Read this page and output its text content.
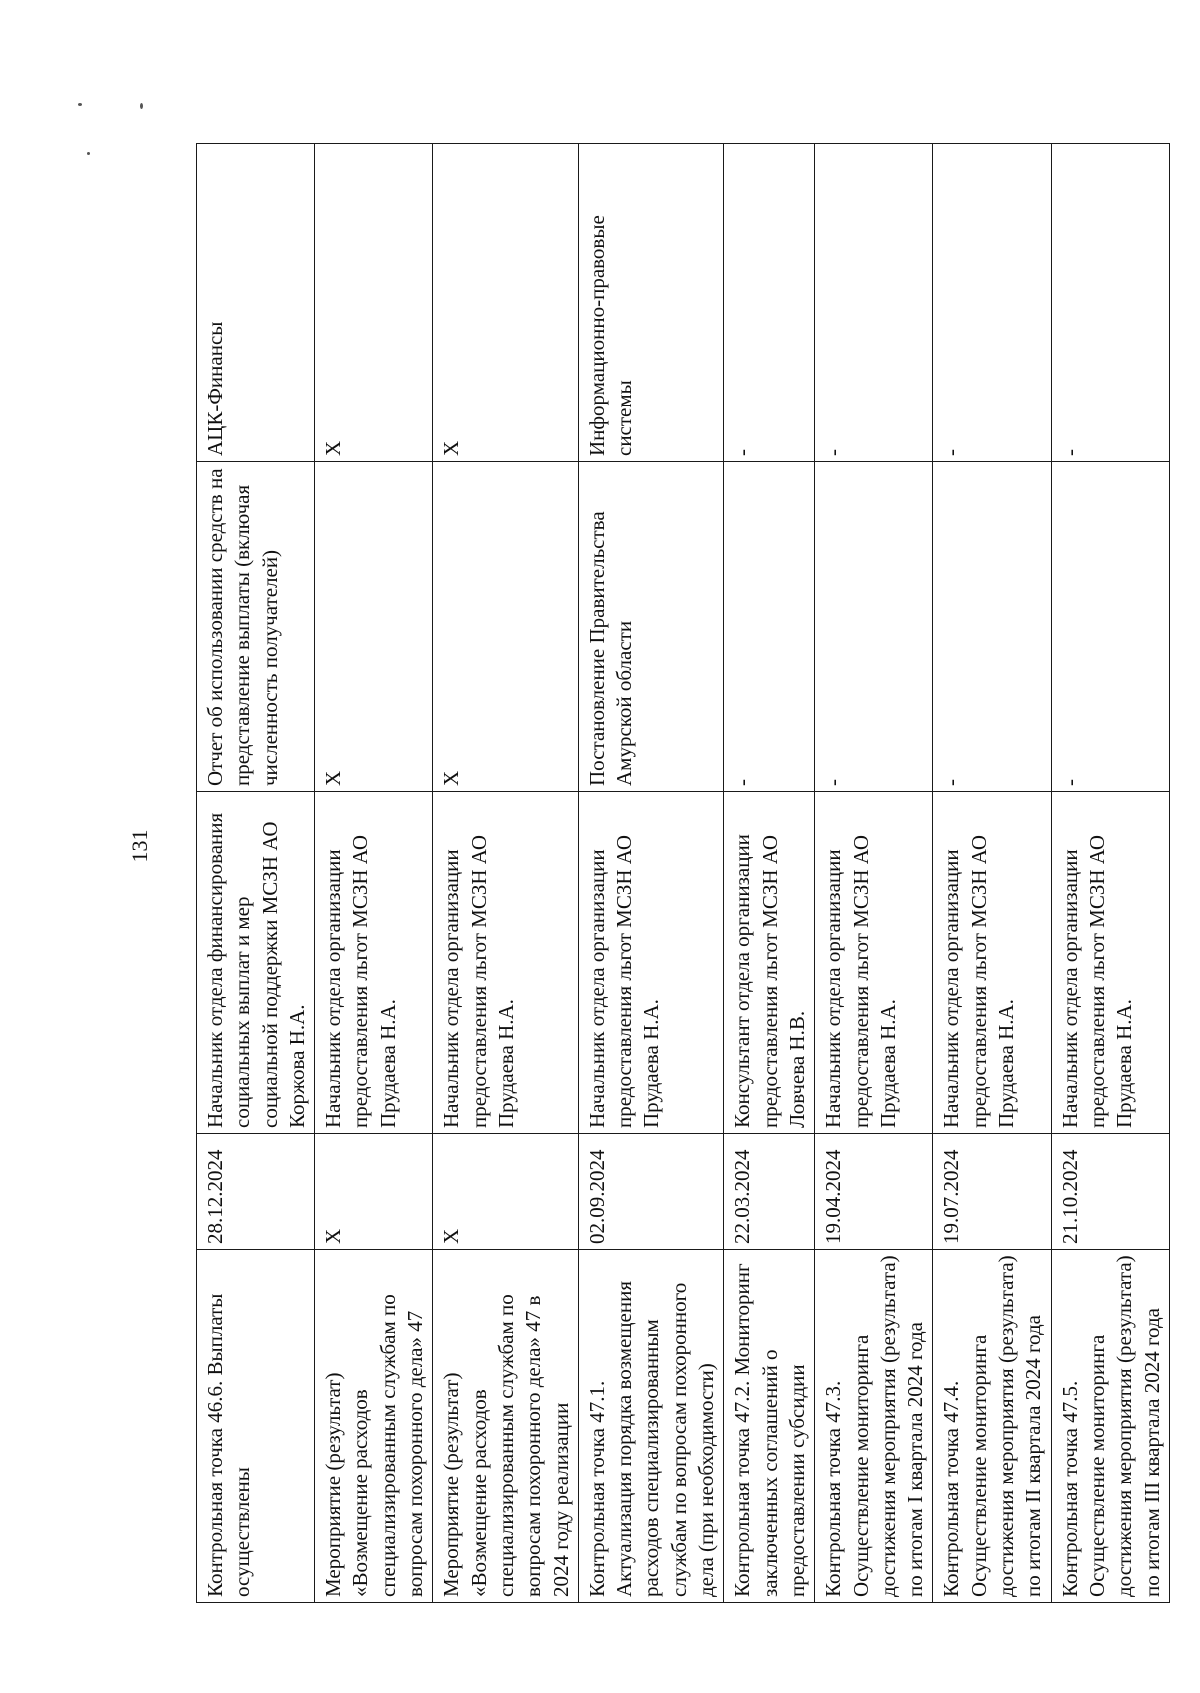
131
Контрольная точка 46.6. Выплаты осуществлены	28.12.2024	Начальник отдела финансирования социальных выплат и мер социальной поддержки МСЗН АО Коржова Н.А.	Отчет об использовании средств на представление выплаты (включая численность получателей)	АЦК-Финансы
Мероприятие (результат) «Возмещение расходов специализированным службам по вопросам похоронного дела» 47	X	Начальник отдела организации предоставления льгот МСЗН АО Прудаева Н.А.	X	X
Мероприятие (результат) «Возмещение расходов специализированным службам по вопросам похоронного дела» 47 в 2024 году реализации	X	Начальник отдела организации предоставления льгот МСЗН АО Прудаева Н.А.	X	X
Контрольная точка 47.1. Актуализация порядка возмещения расходов специализированным службам по вопросам похоронного дела (при необходимости)	02.09.2024	Начальник отдела организации предоставления льгот МСЗН АО Прудаева Н.А.	Постановление Правительства Амурской области	Информационно-правовые системы
Контрольная точка 47.2. Мониторинг заключенных соглашений о предоставлении субсидии	22.03.2024	Консультант отдела организации предоставления льгот МСЗН АО Ловчева Н.В.	-	-
Контрольная точка 47.3. Осуществление мониторинга достижения мероприятия (результата) по итогам I квартала 2024 года	19.04.2024	Начальник отдела организации предоставления льгот МСЗН АО Прудаева Н.А.	-	-
Контрольная точка 47.4. Осуществление мониторинга достижения мероприятия (результата) по итогам II квартала 2024 года	19.07.2024	Начальник отдела организации предоставления льгот МСЗН АО Прудаева Н.А.	-	-
Контрольная точка 47.5. Осуществление мониторинга достижения мероприятия (результата) по итогам III квартала 2024 года	21.10.2024	Начальник отдела организации предоставления льгот МСЗН АО Прудаева Н.А.	-	-
